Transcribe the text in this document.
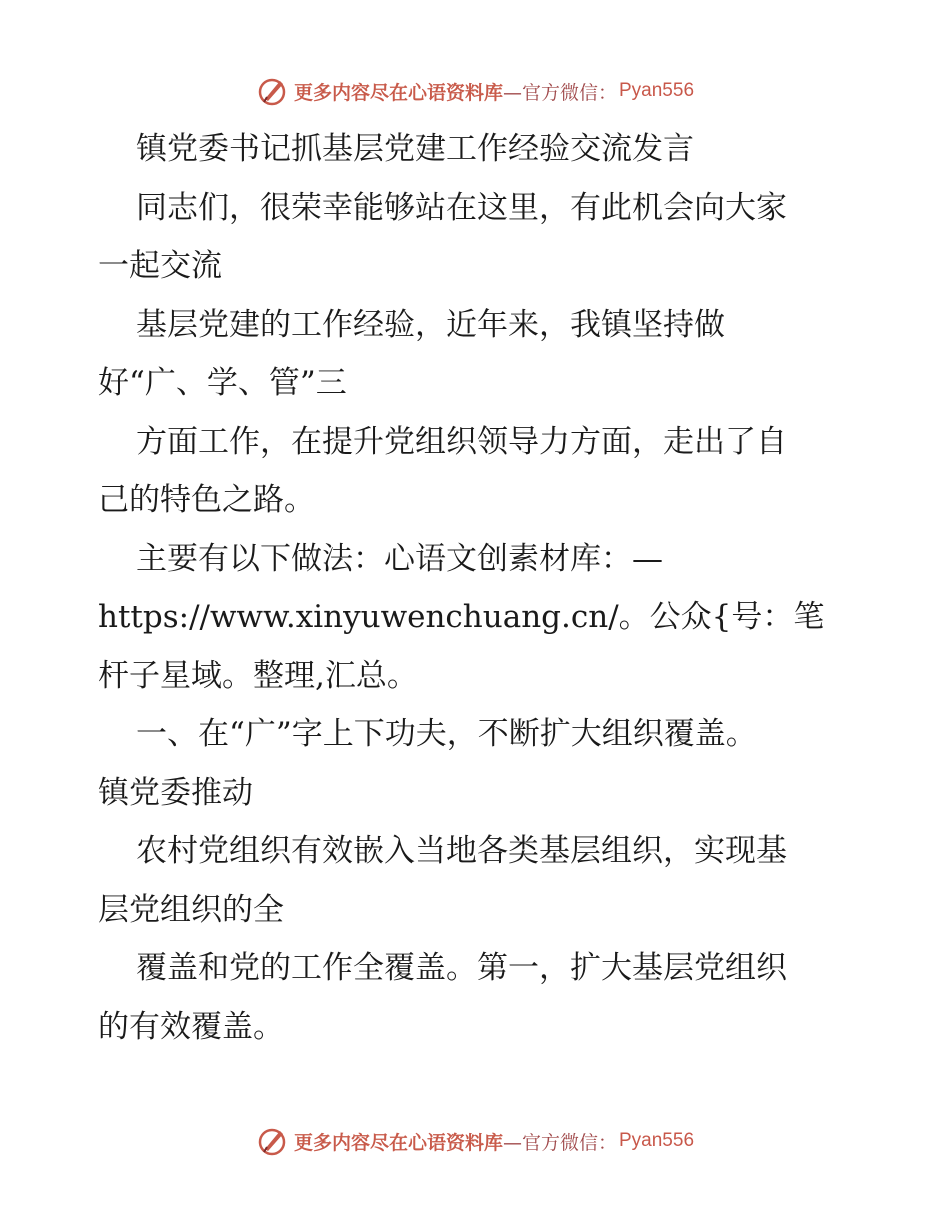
更多内容尽在心语资料库 —官方微信： Pyan556
镇党委书记抓基层党建工作经验交流发言
同志们，很荣幸能够站在这里，有此机会向大家
一起交流
基层党建的工作经验，近年来，我镇坚持做
好“广、学、管”三
方面工作，在提升党组织领导力方面，走出了自
己的特色之路。
主要有以下做法：心语文创素材库：—
https://www.xinyuwenchuang.cn/。公众{号：笔
杆子星域。整理,汇总。
一、在“广”字上下功夫，不断扩大组织覆盖。
镇党委推动
农村党组织有效嵌入当地各类基层组织，实现基
层党组织的全
覆盖和党的工作全覆盖。第一，扩大基层党组织
的有效覆盖。
更多内容尽在心语资料库 —官方微信： Pyan556
